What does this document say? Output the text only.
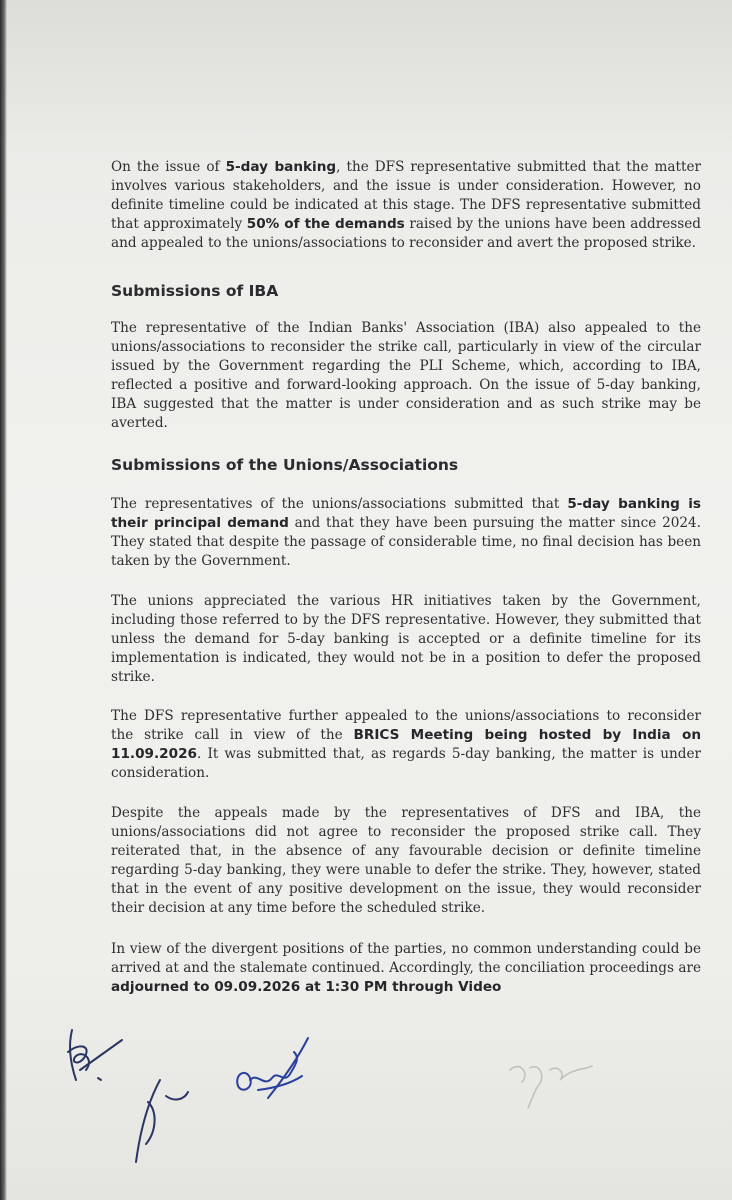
On the issue of 5-day banking, the DFS representative submitted that the matter involves various stakeholders, and the issue is under consideration. However, no definite timeline could be indicated at this stage. The DFS representative submitted that approximately 50% of the demands raised by the unions have been addressed and appealed to the unions/associations to reconsider and avert the proposed strike.

Submissions of IBA

The representative of the Indian Banks' Association (IBA) also appealed to the unions/associations to reconsider the strike call, particularly in view of the circular issued by the Government regarding the PLI Scheme, which, according to IBA, reflected a positive and forward-looking approach. On the issue of 5-day banking, IBA suggested that the matter is under consideration and as such strike may be averted.

Submissions of the Unions/Associations

The representatives of the unions/associations submitted that 5-day banking is their principal demand and that they have been pursuing the matter since 2024. They stated that despite the passage of considerable time, no final decision has been taken by the Government.

The unions appreciated the various HR initiatives taken by the Government, including those referred to by the DFS representative. However, they submitted that unless the demand for 5-day banking is accepted or a definite timeline for its implementation is indicated, they would not be in a position to defer the proposed strike.

The DFS representative further appealed to the unions/associations to reconsider the strike call in view of the BRICS Meeting being hosted by India on 11.09.2026. It was submitted that, as regards 5-day banking, the matter is under consideration.

Despite the appeals made by the representatives of DFS and IBA, the unions/associations did not agree to reconsider the proposed strike call. They reiterated that, in the absence of any favourable decision or definite timeline regarding 5-day banking, they were unable to defer the strike. They, however, stated that in the event of any positive development on the issue, they would reconsider their decision at any time before the scheduled strike.

In view of the divergent positions of the parties, no common understanding could be arrived at and the stalemate continued. Accordingly, the conciliation proceedings are adjourned to 09.09.2026 at 1:30 PM through Video
